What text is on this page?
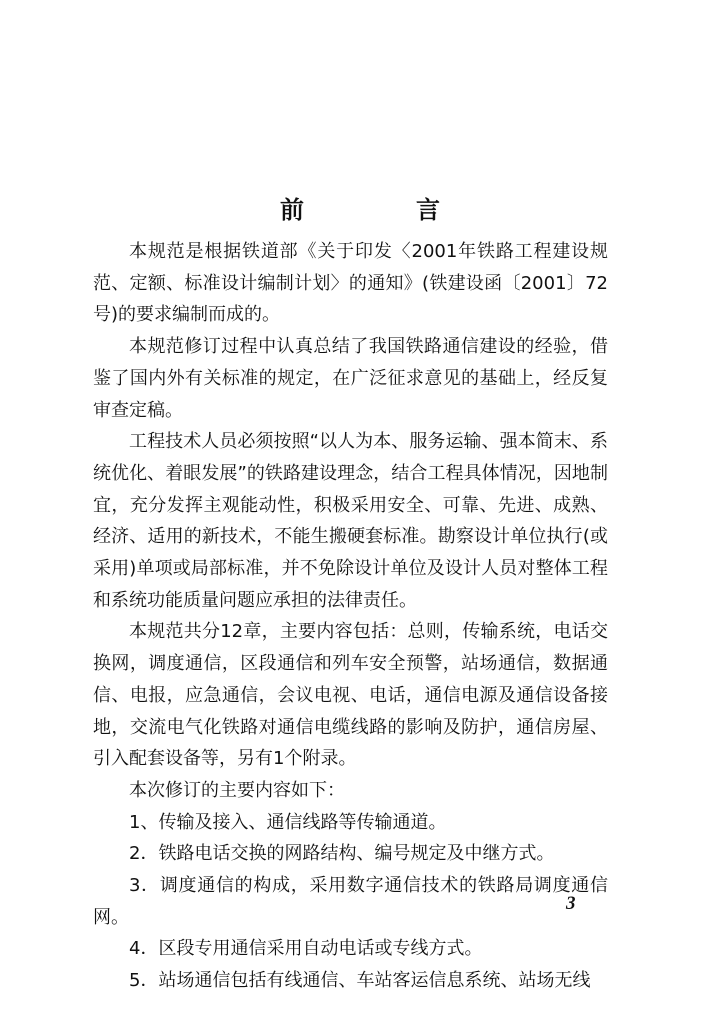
前　言

本规范是根据铁道部《关于印发〈2001年铁路工程建设规范、定额、标准设计编制计划〉的通知》(铁建设函〔2001〕72号)的要求编制而成的。

本规范修订过程中认真总结了我国铁路通信建设的经验，借鉴了国内外有关标准的规定，在广泛征求意见的基础上，经反复审查定稿。

工程技术人员必须按照“以人为本、服务运输、强本简末、系统优化、着眼发展”的铁路建设理念，结合工程具体情况，因地制宜，充分发挥主观能动性，积极采用安全、可靠、先进、成熟、经济、适用的新技术，不能生搬硬套标准。勘察设计单位执行(或采用)单项或局部标准，并不免除设计单位及设计人员对整体工程和系统功能质量问题应承担的法律责任。

本规范共分12章，主要内容包括：总则，传输系统，电话交换网，调度通信，区段通信和列车安全预警，站场通信，数据通信、电报，应急通信，会议电视、电话，通信电源及通信设备接地，交流电气化铁路对通信电缆线路的影响及防护，通信房屋、引入配套设备等，另有1个附录。

本次修订的主要内容如下：

1、传输及接入、通信线路等传输通道。

2．铁路电话交换的网路结构、编号规定及中继方式。

3．调度通信的构成，采用数字通信技术的铁路局调度通信网。

4．区段专用通信采用自动电话或专线方式。

5．站场通信包括有线通信、车站客运信息系统、站场无线

3
